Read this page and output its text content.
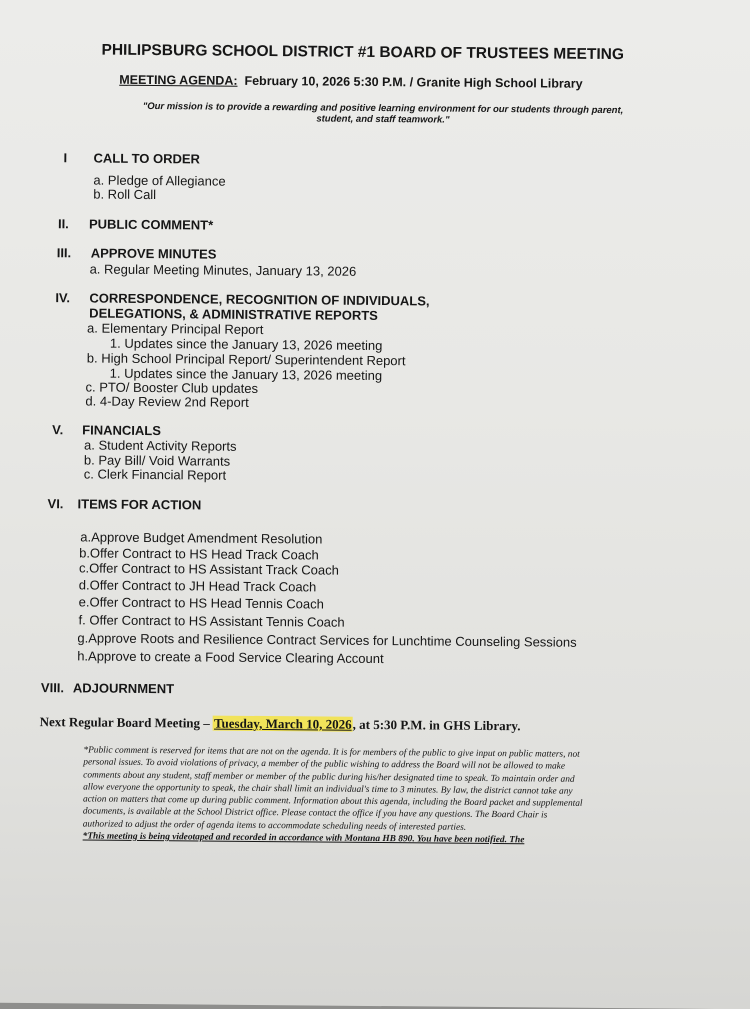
PHILIPSBURG SCHOOL DISTRICT #1 BOARD OF TRUSTEES MEETING
MEETING AGENDA: February 10, 2026 5:30 P.M. / Granite High School Library
"Our mission is to provide a rewarding and positive learning environment for our students through parent,
student, and staff teamwork."
I CALL TO ORDER
a. Pledge of Allegiance
b. Roll Call
II. PUBLIC COMMENT*
III. APPROVE MINUTES
a. Regular Meeting Minutes, January 13, 2026
IV. CORRESPONDENCE, RECOGNITION OF INDIVIDUALS,
DELEGATIONS, & ADMINISTRATIVE REPORTS
a. Elementary Principal Report
1. Updates since the January 13, 2026 meeting
b. High School Principal Report/ Superintendent Report
1. Updates since the January 13, 2026 meeting
c. PTO/ Booster Club updates
d. 4-Day Review 2nd Report
V. FINANCIALS
a. Student Activity Reports
b. Pay Bill/ Void Warrants
c. Clerk Financial Report
VI. ITEMS FOR ACTION
a.Approve Budget Amendment Resolution
b.Offer Contract to HS Head Track Coach
c.Offer Contract to HS Assistant Track Coach
d.Offer Contract to JH Head Track Coach
e.Offer Contract to HS Head Tennis Coach
f. Offer Contract to HS Assistant Tennis Coach
g.Approve Roots and Resilience Contract Services for Lunchtime Counseling Sessions
h.Approve to create a Food Service Clearing Account
VIII. ADJOURNMENT
Next Regular Board Meeting – Tuesday, March 10, 2026, at 5:30 P.M. in GHS Library.
*Public comment is reserved for items that are not on the agenda. It is for members of the public to give input on public matters, not
personal issues. To avoid violations of privacy, a member of the public wishing to address the Board will not be allowed to make
comments about any student, staff member or member of the public during his/her designated time to speak. To maintain order and
allow everyone the opportunity to speak, the chair shall limit an individual's time to 3 minutes. By law, the district cannot take any
action on matters that come up during public comment. Information about this agenda, including the Board packet and supplemental
documents, is available at the School District office. Please contact the office if you have any questions. The Board Chair is
authorized to adjust the order of agenda items to accommodate scheduling needs of interested parties.
*This meeting is being videotaped and recorded in accordance with Montana HB 890. You have been notified. The
